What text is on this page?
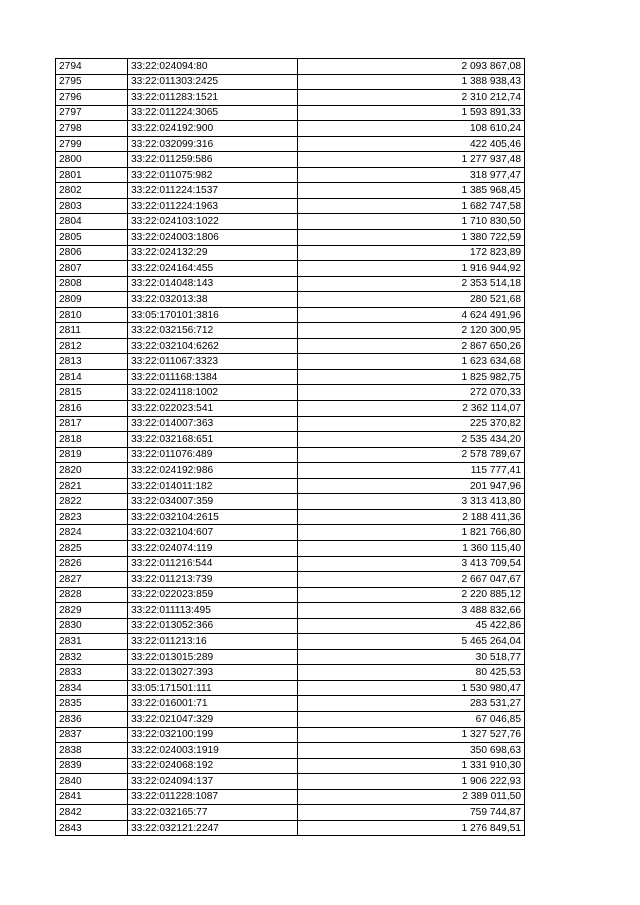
2794	33:22:024094:80	2 093 867,08
2795	33:22:011303:2425	1 388 938,43
2796	33:22:011283:1521	2 310 212,74
2797	33:22:011224:3065	1 593 891,33
2798	33:22:024192:900	108 610,24
2799	33:22:032099:316	422 405,46
2800	33:22:011259:586	1 277 937,48
2801	33:22:011075:982	318 977,47
2802	33:22:011224:1537	1 385 968,45
2803	33:22:011224:1963	1 682 747,58
2804	33:22:024103:1022	1 710 830,50
2805	33:22:024003:1806	1 380 722,59
2806	33:22:024132:29	172 823,89
2807	33:22:024164:455	1 916 944,92
2808	33:22:014048:143	2 353 514,18
2809	33:22:032013:38	280 521,68
2810	33:05:170101:3816	4 624 491,96
2811	33:22:032156:712	2 120 300,95
2812	33:22:032104:6262	2 867 650,26
2813	33:22:011067:3323	1 623 634,68
2814	33:22:011168:1384	1 825 982,75
2815	33:22:024118:1002	272 070,33
2816	33:22:022023:541	2 362 114,07
2817	33:22:014007:363	225 370,82
2818	33:22:032168:651	2 535 434,20
2819	33:22:011076:489	2 578 789,67
2820	33:22:024192:986	115 777,41
2821	33:22:014011:182	201 947,96
2822	33:22:034007:359	3 313 413,80
2823	33:22:032104:2615	2 188 411,36
2824	33:22:032104:607	1 821 766,80
2825	33:22:024074:119	1 360 115,40
2826	33:22:011216:544	3 413 709,54
2827	33:22:011213:739	2 667 047,67
2828	33:22:022023:859	2 220 885,12
2829	33:22:011113:495	3 488 832,66
2830	33:22:013052:366	45 422,86
2831	33:22:011213:16	5 465 264,04
2832	33:22:013015:289	30 518,77
2833	33:22:013027:393	80 425,53
2834	33:05:171501:111	1 530 980,47
2835	33:22:016001:71	283 531,27
2836	33:22:021047:329	67 046,85
2837	33:22:032100:199	1 327 527,76
2838	33:22:024003:1919	350 698,63
2839	33:22:024068:192	1 331 910,30
2840	33:22:024094:137	1 906 222,93
2841	33:22:011228:1087	2 389 011,50
2842	33:22:032165:77	759 744,87
2843	33:22:032121:2247	1 276 849,51
